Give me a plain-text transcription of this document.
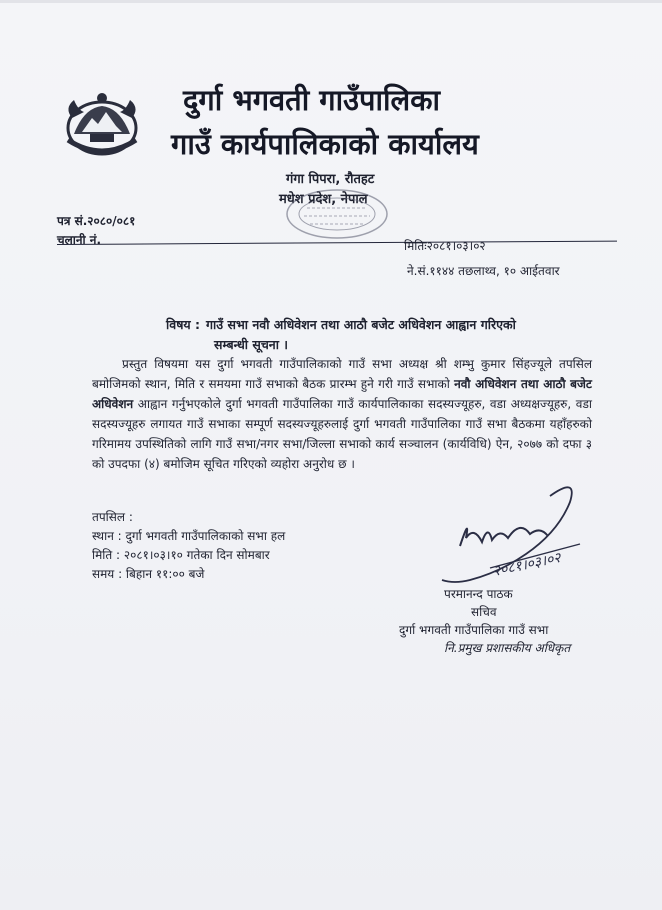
दुर्गा भगवती गाउँपालिका
गाउँ कार्यपालिकाको कार्यालय
गंगा पिपरा, रौतहट
मधेश प्रदेश, नेपाल
पत्र सं.२०८०/०८१
चलानी नं.	मितिः२०८१।०३।०२
ने.सं.११४४ तछलाथ्व, १० आईतवार
विषय : गाउँ सभा नवौ अधिवेशन तथा आठौ बजेट अधिवेशन आह्वान गरिएको
सम्बन्धी सूचना ।
प्रस्तुत विषयमा यस दुर्गा भगवती गाउँपालिकाको गाउँ सभा अध्यक्ष श्री शम्भु कुमार सिंहज्यूले तपसिल बमोजिमको स्थान, मिति र समयमा गाउँ सभाको बैठक प्रारम्भ हुने गरी गाउँ सभाको नवौ अधिवेशन तथा आठौ बजेट अधिवेशन आह्वान गर्नुभएकोले दुर्गा भगवती गाउँपालिका गाउँ कार्यपालिकाका सदस्यज्यूहरु, वडा अध्यक्षज्यूहरु, वडा सदस्यज्यूहरु लगायत गाउँ सभाका सम्पूर्ण सदस्यज्यूहरुलाई दुर्गा भगवती गाउँपालिका गाउँ सभा बैठकमा यहाँहरुको गरिमामय उपस्थितिको लागि गाउँ सभा/नगर सभा/जिल्ला सभाको कार्य सञ्चालन (कार्यविधि) ऐन, २०७७ को दफा ३ को उपदफा (४) बमोजिम सूचित गरिएको व्यहोरा अनुरोध छ ।
तपसिल :
स्थान : दुर्गा भगवती गाउँपालिकाको सभा हल
मिति : २०८१।०३।१० गतेका दिन सोमबार
समय : बिहान ११:०० बजे	२०८१।०३।०२
परमानन्द पाठक
सचिव
दुर्गा भगवती गाउँपालिका गाउँ सभा
नि.प्रमुख प्रशासकीय अधिकृत
